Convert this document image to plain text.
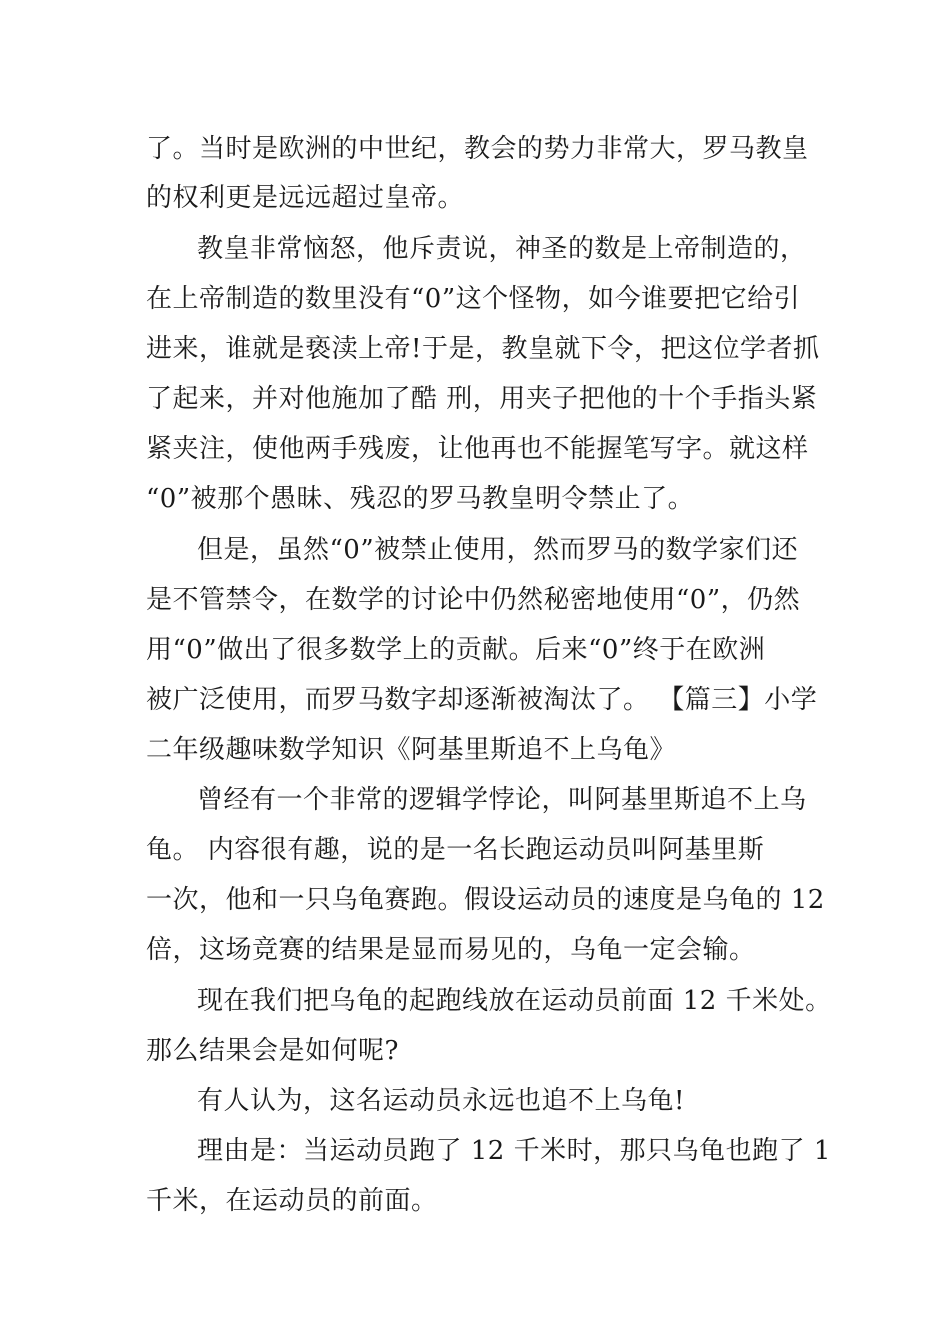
了。当时是欧洲的中世纪，教会的势力非常大，罗马教皇
的权利更是远远超过皇帝。
教皇非常恼怒，他斥责说，神圣的数是上帝制造的，
在上帝制造的数里没有“0”这个怪物，如今谁要把它给引
进来，谁就是亵渎上帝!于是，教皇就下令，把这位学者抓
了起来，并对他施加了酷 刑，用夹子把他的十个手指头紧
紧夹注，使他两手残废，让他再也不能握笔写字。就这样
“0”被那个愚昧、残忍的罗马教皇明令禁止了。
但是，虽然“0”被禁止使用，然而罗马的数学家们还
是不管禁令，在数学的讨论中仍然秘密地使用“0”，仍然
用“0”做出了很多数学上的贡献。后来“0”终于在欧洲
被广泛使用，而罗马数字却逐渐被淘汰了。 【篇三】小学
二年级趣味数学知识《阿基里斯追不上乌龟》
曾经有一个非常的逻辑学悖论，叫阿基里斯追不上乌
龟。 内容很有趣，说的是一名长跑运动员叫阿基里斯
一次，他和一只乌龟赛跑。假设运动员的速度是乌龟的 12
倍，这场竞赛的结果是显而易见的，乌龟一定会输。
现在我们把乌龟的起跑线放在运动员前面 12 千米处。
那么结果会是如何呢?
有人认为，这名运动员永远也追不上乌龟!
理由是：当运动员跑了 12 千米时，那只乌龟也跑了 1
千米，在运动员的前面。
